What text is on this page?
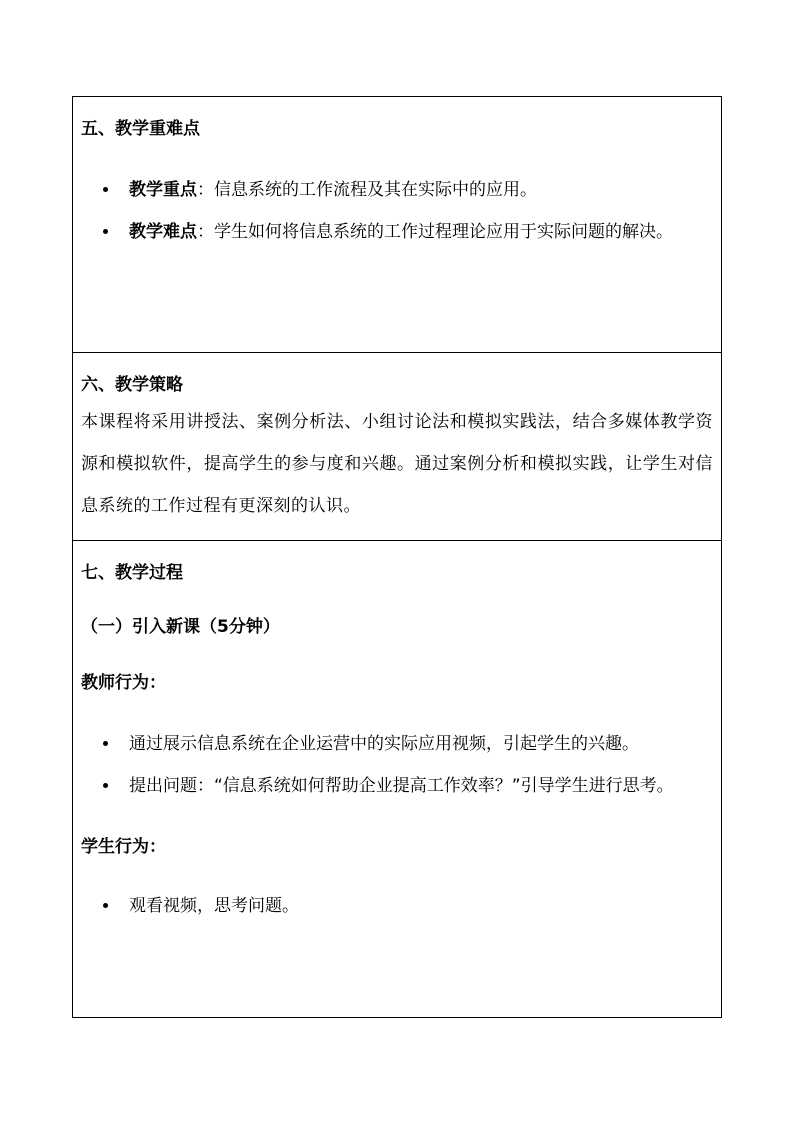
五、教学重难点

教学重点：信息系统的工作流程及其在实际中的应用。
教学难点：学生如何将信息系统的工作过程理论应用于实际问题的解决。

六、教学策略

本课程将采用讲授法、案例分析法、小组讨论法和模拟实践法，结合多媒体教学资源和模拟软件，提高学生的参与度和兴趣。通过案例分析和模拟实践，让学生对信息系统的工作过程有更深刻的认识。

七、教学过程

（一）引入新课（5分钟）

教师行为：

通过展示信息系统在企业运营中的实际应用视频，引起学生的兴趣。
提出问题：“信息系统如何帮助企业提高工作效率？”引导学生进行思考。

学生行为：

观看视频，思考问题。
